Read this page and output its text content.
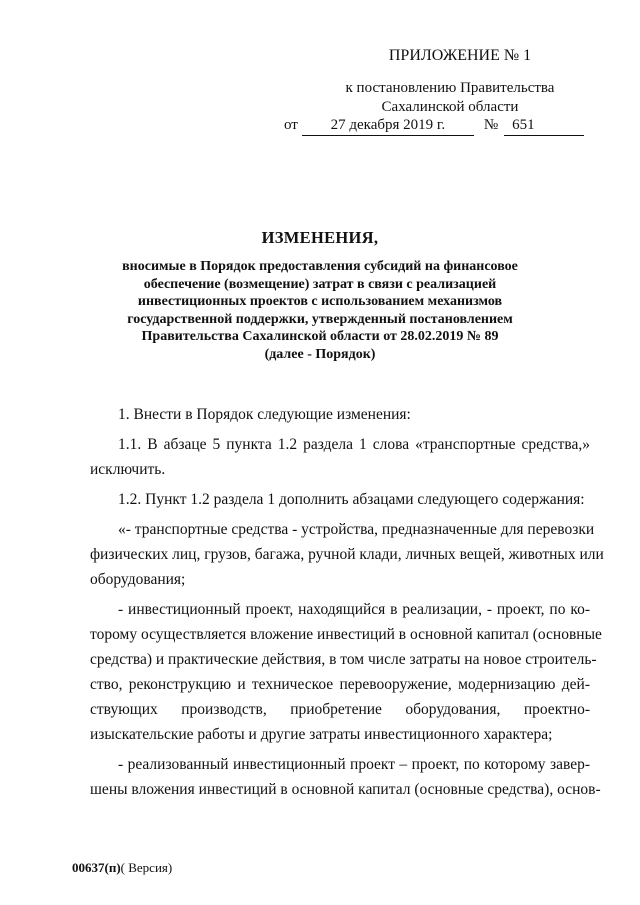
ПРИЛОЖЕНИЕ № 1
к постановлению Правительства
Сахалинской области
от 27 декабря 2019 г.	№ 651
ИЗМЕНЕНИЯ,
вносимые в Порядок предоставления субсидий на финансовое
обеспечение (возмещение) затрат в связи с реализацией
инвестиционных проектов с использованием механизмов
государственной поддержки, утвержденный постановлением
Правительства Сахалинской области от 28.02.2019 № 89
(далее - Порядок)

1. Внести в Порядок следующие изменения:

1.1. В абзаце 5 пункта 1.2 раздела 1 слова «транспортные средства,»
исключить.

1.2. Пункт 1.2 раздела 1 дополнить абзацами следующего содержания:

«- транспортные средства - устройства, предназначенные для перевозки
физических лиц, грузов, багажа, ручной клади, личных вещей, животных или
оборудования;

- инвестиционный проект, находящийся в реализации, - проект, по ко-
торому осуществляется вложение инвестиций в основной капитал (основные
средства) и практические действия, в том числе затраты на новое строитель-
ство, реконструкцию и техническое перевооружение, модернизацию дей-
ствующих производств, приобретение оборудования, проектно-
изыскательские работы и другие затраты инвестиционного характера;

- реализованный инвестиционный проект – проект, по которому завер-
шены вложения инвестиций в основной капитал (основные средства), основ-

00637(п)( Версия)
